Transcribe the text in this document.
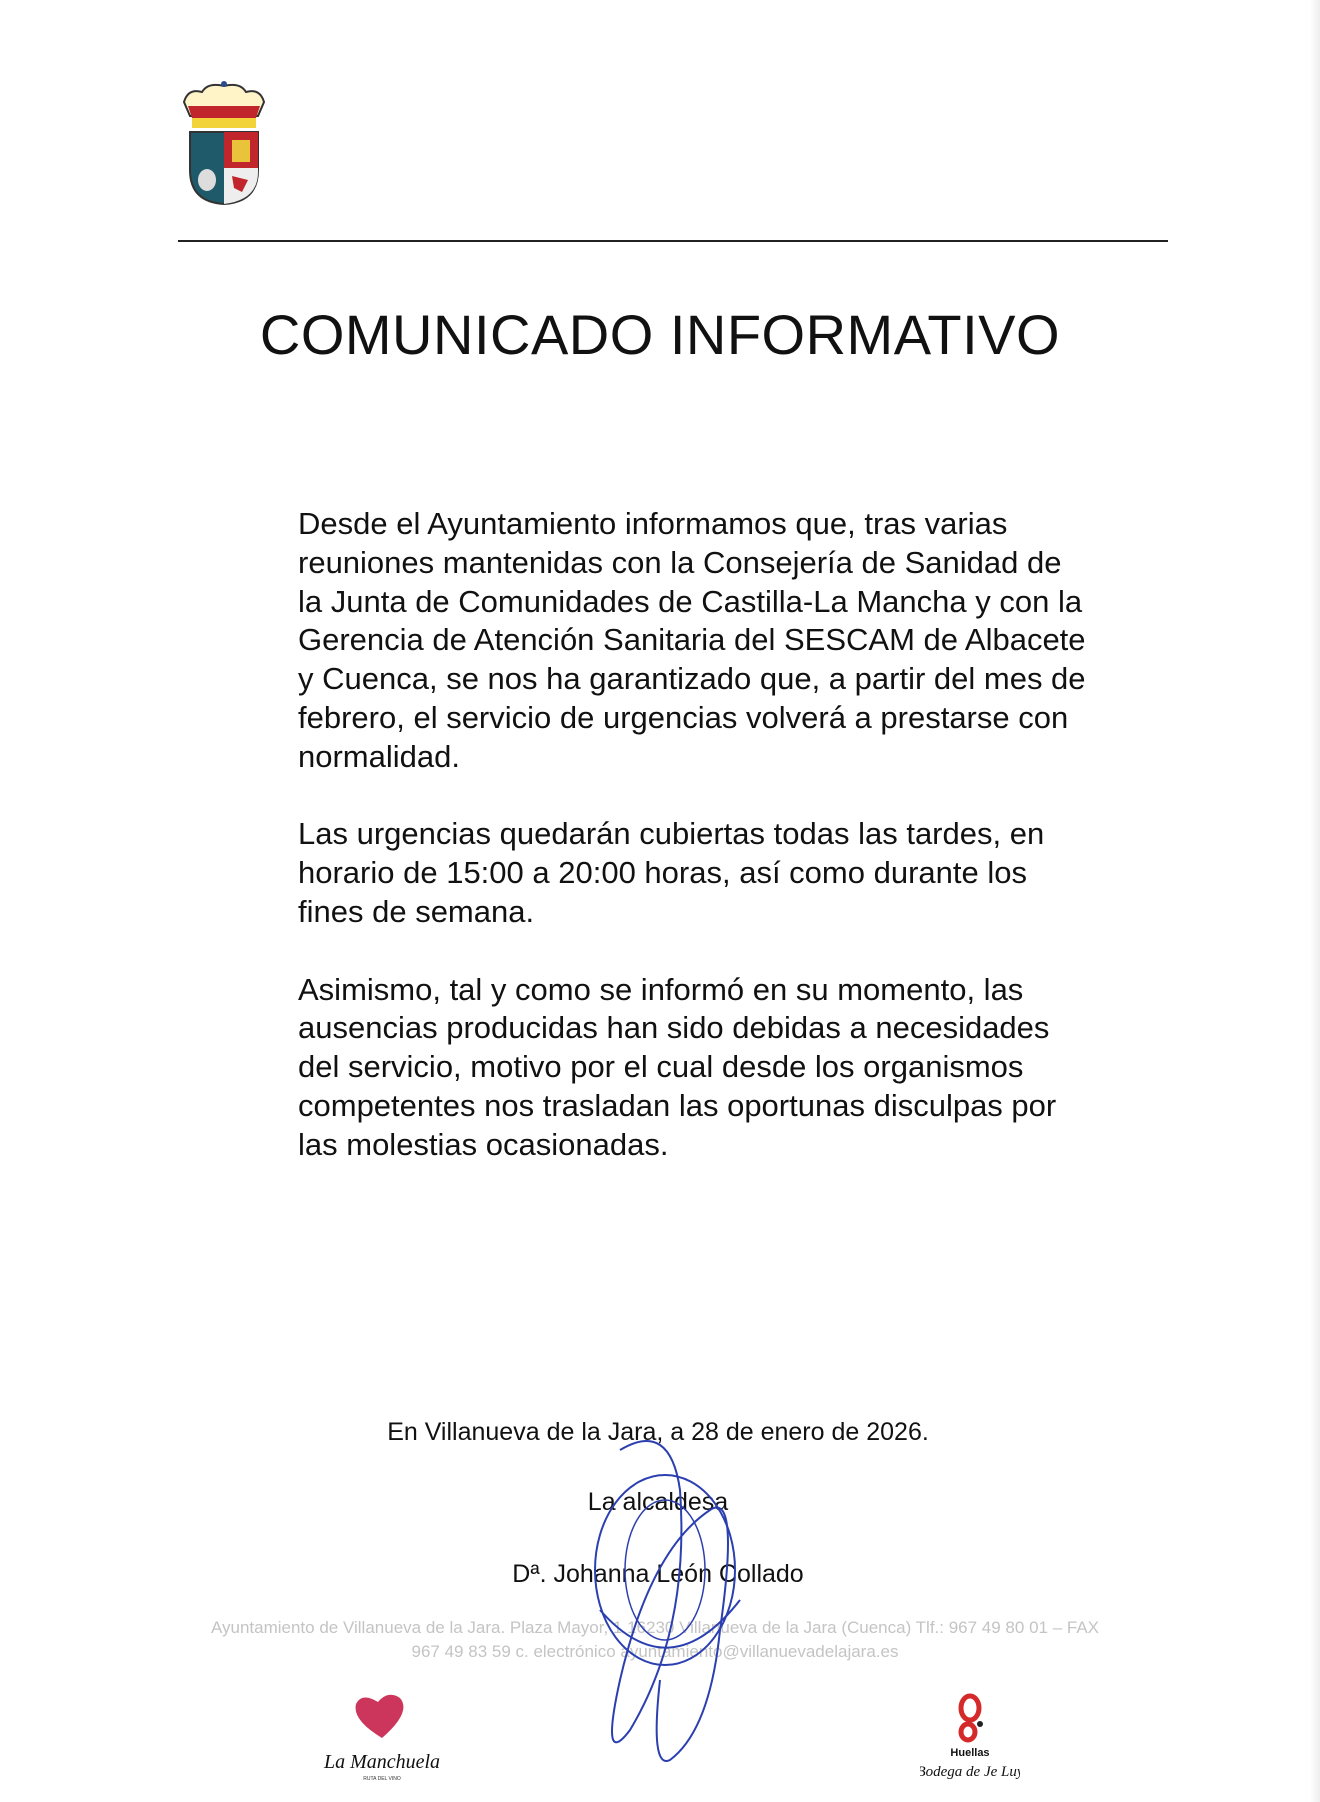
COMUNICADO INFORMATIVO

Desde el Ayuntamiento informamos que, tras varias reuniones mantenidas con la Consejería de Sanidad de la Junta de Comunidades de Castilla-La Mancha y con la Gerencia de Atención Sanitaria del SESCAM de Albacete y Cuenca, se nos ha garantizado que, a partir del mes de febrero, el servicio de urgencias volverá a prestarse con normalidad.

Las urgencias quedarán cubiertas todas las tardes, en horario de 15:00 a 20:00 horas, así como durante los fines de semana.

Asimismo, tal y como se informó en su momento, las ausencias producidas han sido debidas a necesidades del servicio, motivo por el cual desde los organismos competentes nos trasladan las oportunas disculpas por las molestias ocasionadas.

En Villanueva de la Jara, a 28 de enero de 2026.
La alcaldesa
Dª. Johanna León Collado
Ayuntamiento de Villanueva de la Jara. Plaza Mayor, 1 16230 Villanueva de la Jara (Cuenca) Tlf.: 967 49 80 01 – FAX
967 49 83 59 c. electrónico ayuntamiento@villanuevadelajara.es
La Manchuela
RUTA DEL VINO
Huellas
Bodega de Je Luy
